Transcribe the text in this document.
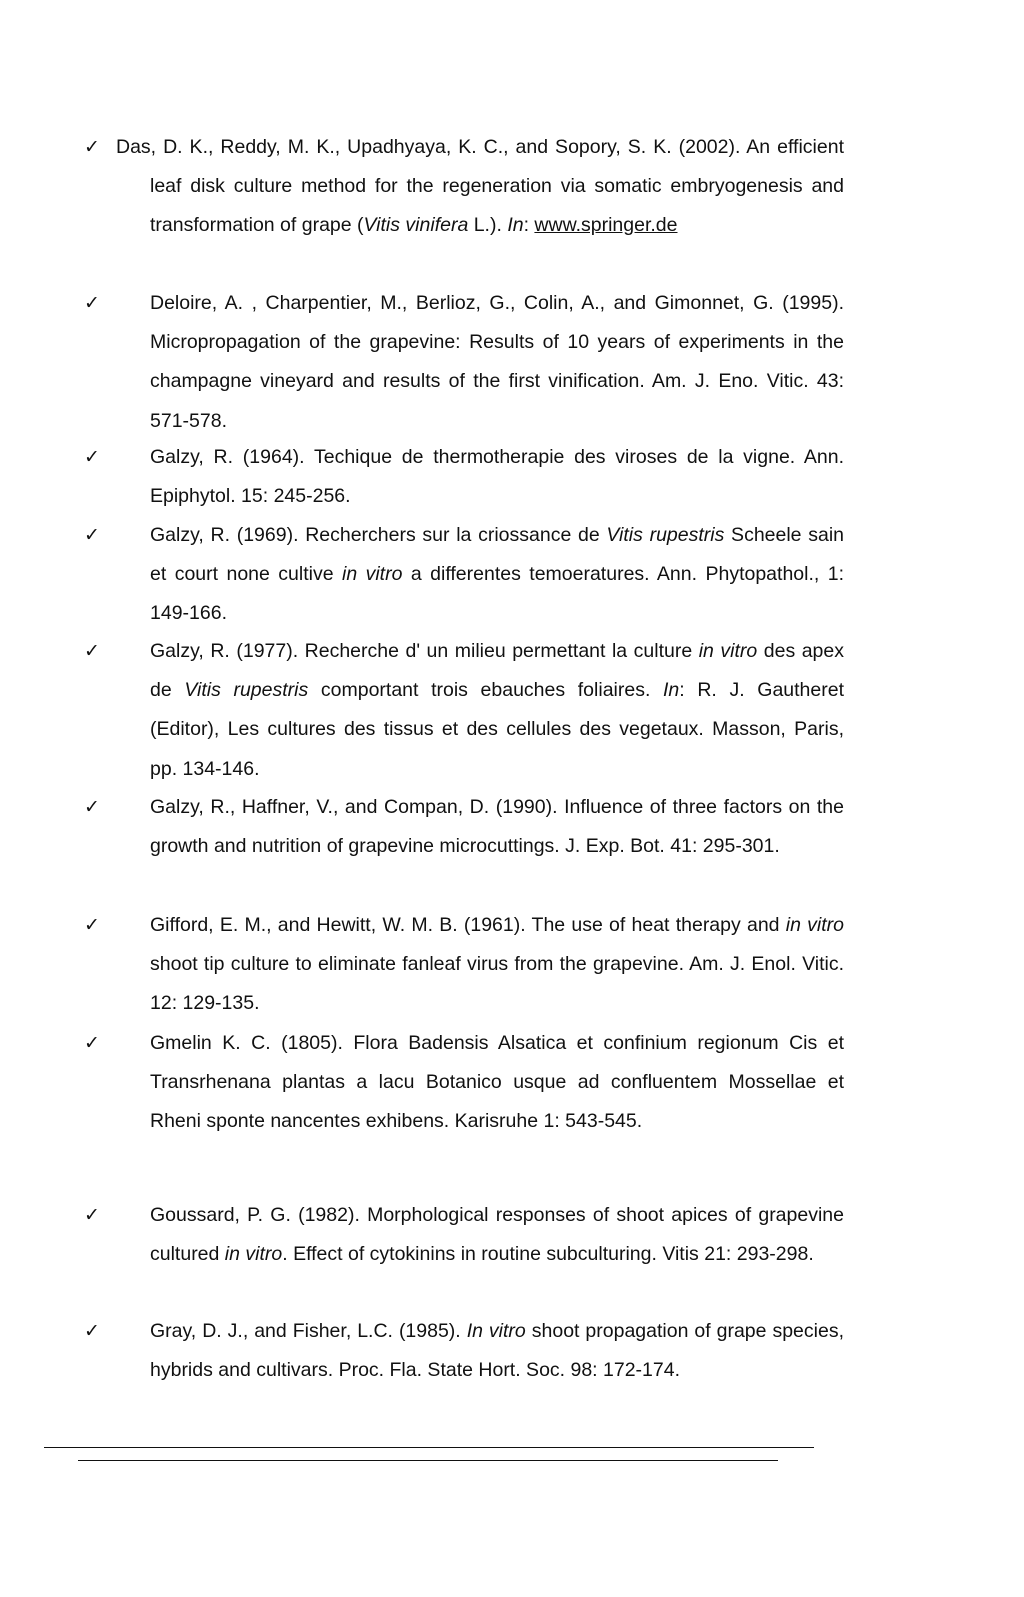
✓ Das, D. K., Reddy, M. K., Upadhyaya, K. C., and Sopory, S. K. (2002). An efficient leaf disk culture method for the regeneration via somatic embryogenesis and transformation of grape (Vitis vinifera L.). In: www.springer.de
✓	Deloire, A. , Charpentier, M., Berlioz, G., Colin, A., and Gimonnet, G. (1995). Micropropagation of the grapevine: Results of 10 years of experiments in the champagne vineyard and results of the first vinification. Am. J. Eno. Vitic. 43: 571-578.
✓	Galzy, R. (1964). Techique de thermotherapie des viroses de la vigne. Ann. Epiphytol. 15: 245-256.
✓	Galzy, R. (1969). Recherchers sur la criossance de Vitis rupestris Scheele sain et court none cultive in vitro a differentes temoeratures. Ann. Phytopathol., 1: 149-166.
✓	Galzy, R. (1977). Recherche d' un milieu permettant la culture in vitro des apex de Vitis rupestris comportant trois ebauches foliaires. In: R. J. Gautheret (Editor), Les cultures des tissus et des cellules des vegetaux. Masson, Paris, pp. 134-146.
✓	Galzy, R., Haffner, V., and Compan, D. (1990). Influence of three factors on the growth and nutrition of grapevine microcuttings. J. Exp. Bot. 41: 295-301.
✓	Gifford, E. M., and Hewitt, W. M. B. (1961). The use of heat therapy and in vitro shoot tip culture to eliminate fanleaf virus from the grapevine. Am. J. Enol. Vitic. 12: 129-135.
✓	Gmelin K. C. (1805). Flora Badensis Alsatica et confinium regionum Cis et Transrhenana plantas a lacu Botanico usque ad confluentem Mossellae et Rheni sponte nancentes exhibens. Karisruhe 1: 543-545.
✓	Goussard, P. G. (1982). Morphological responses of shoot apices of grapevine cultured in vitro. Effect of cytokinins in routine subculturing. Vitis 21: 293-298.
✓	Gray, D. J., and Fisher, L.C. (1985). In vitro shoot propagation of grape species, hybrids and cultivars. Proc. Fla. State Hort. Soc. 98: 172-174.
